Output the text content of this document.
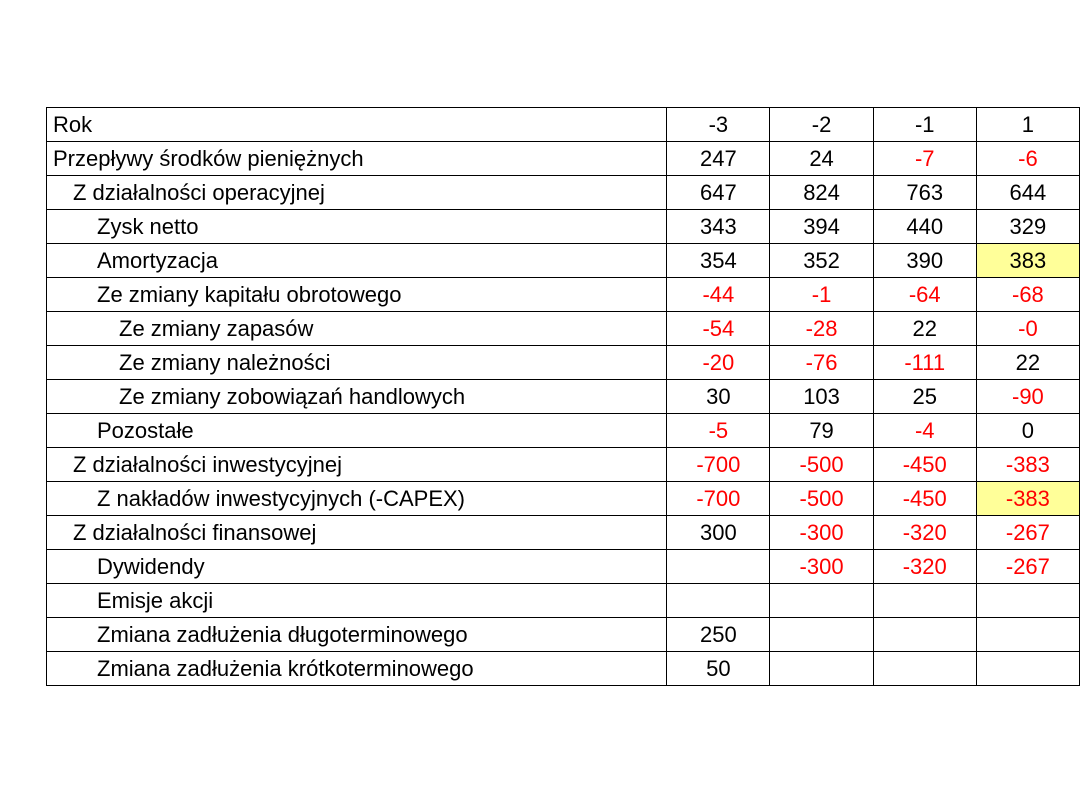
Rok	-3	-2	-1	1
Przepływy środków pieniężnych	247	24	-7	-6
Z działalności operacyjnej	647	824	763	644
Zysk netto	343	394	440	329
Amortyzacja	354	352	390	383
Ze zmiany kapitału obrotowego	-44	-1	-64	-68
Ze zmiany zapasów	-54	-28	22	-0
Ze zmiany należności	-20	-76	-111	22
Ze zmiany zobowiązań handlowych	30	103	25	-90
Pozostałe	-5	79	-4	0
Z działalności inwestycyjnej	-700	-500	-450	-383
Z nakładów inwestycyjnych (-CAPEX)	-700	-500	-450	-383
Z działalności finansowej	300	-300	-320	-267
Dywidendy		-300	-320	-267
Emisje akcji				
Zmiana zadłużenia długoterminowego	250			
Zmiana zadłużenia krótkoterminowego	50			
